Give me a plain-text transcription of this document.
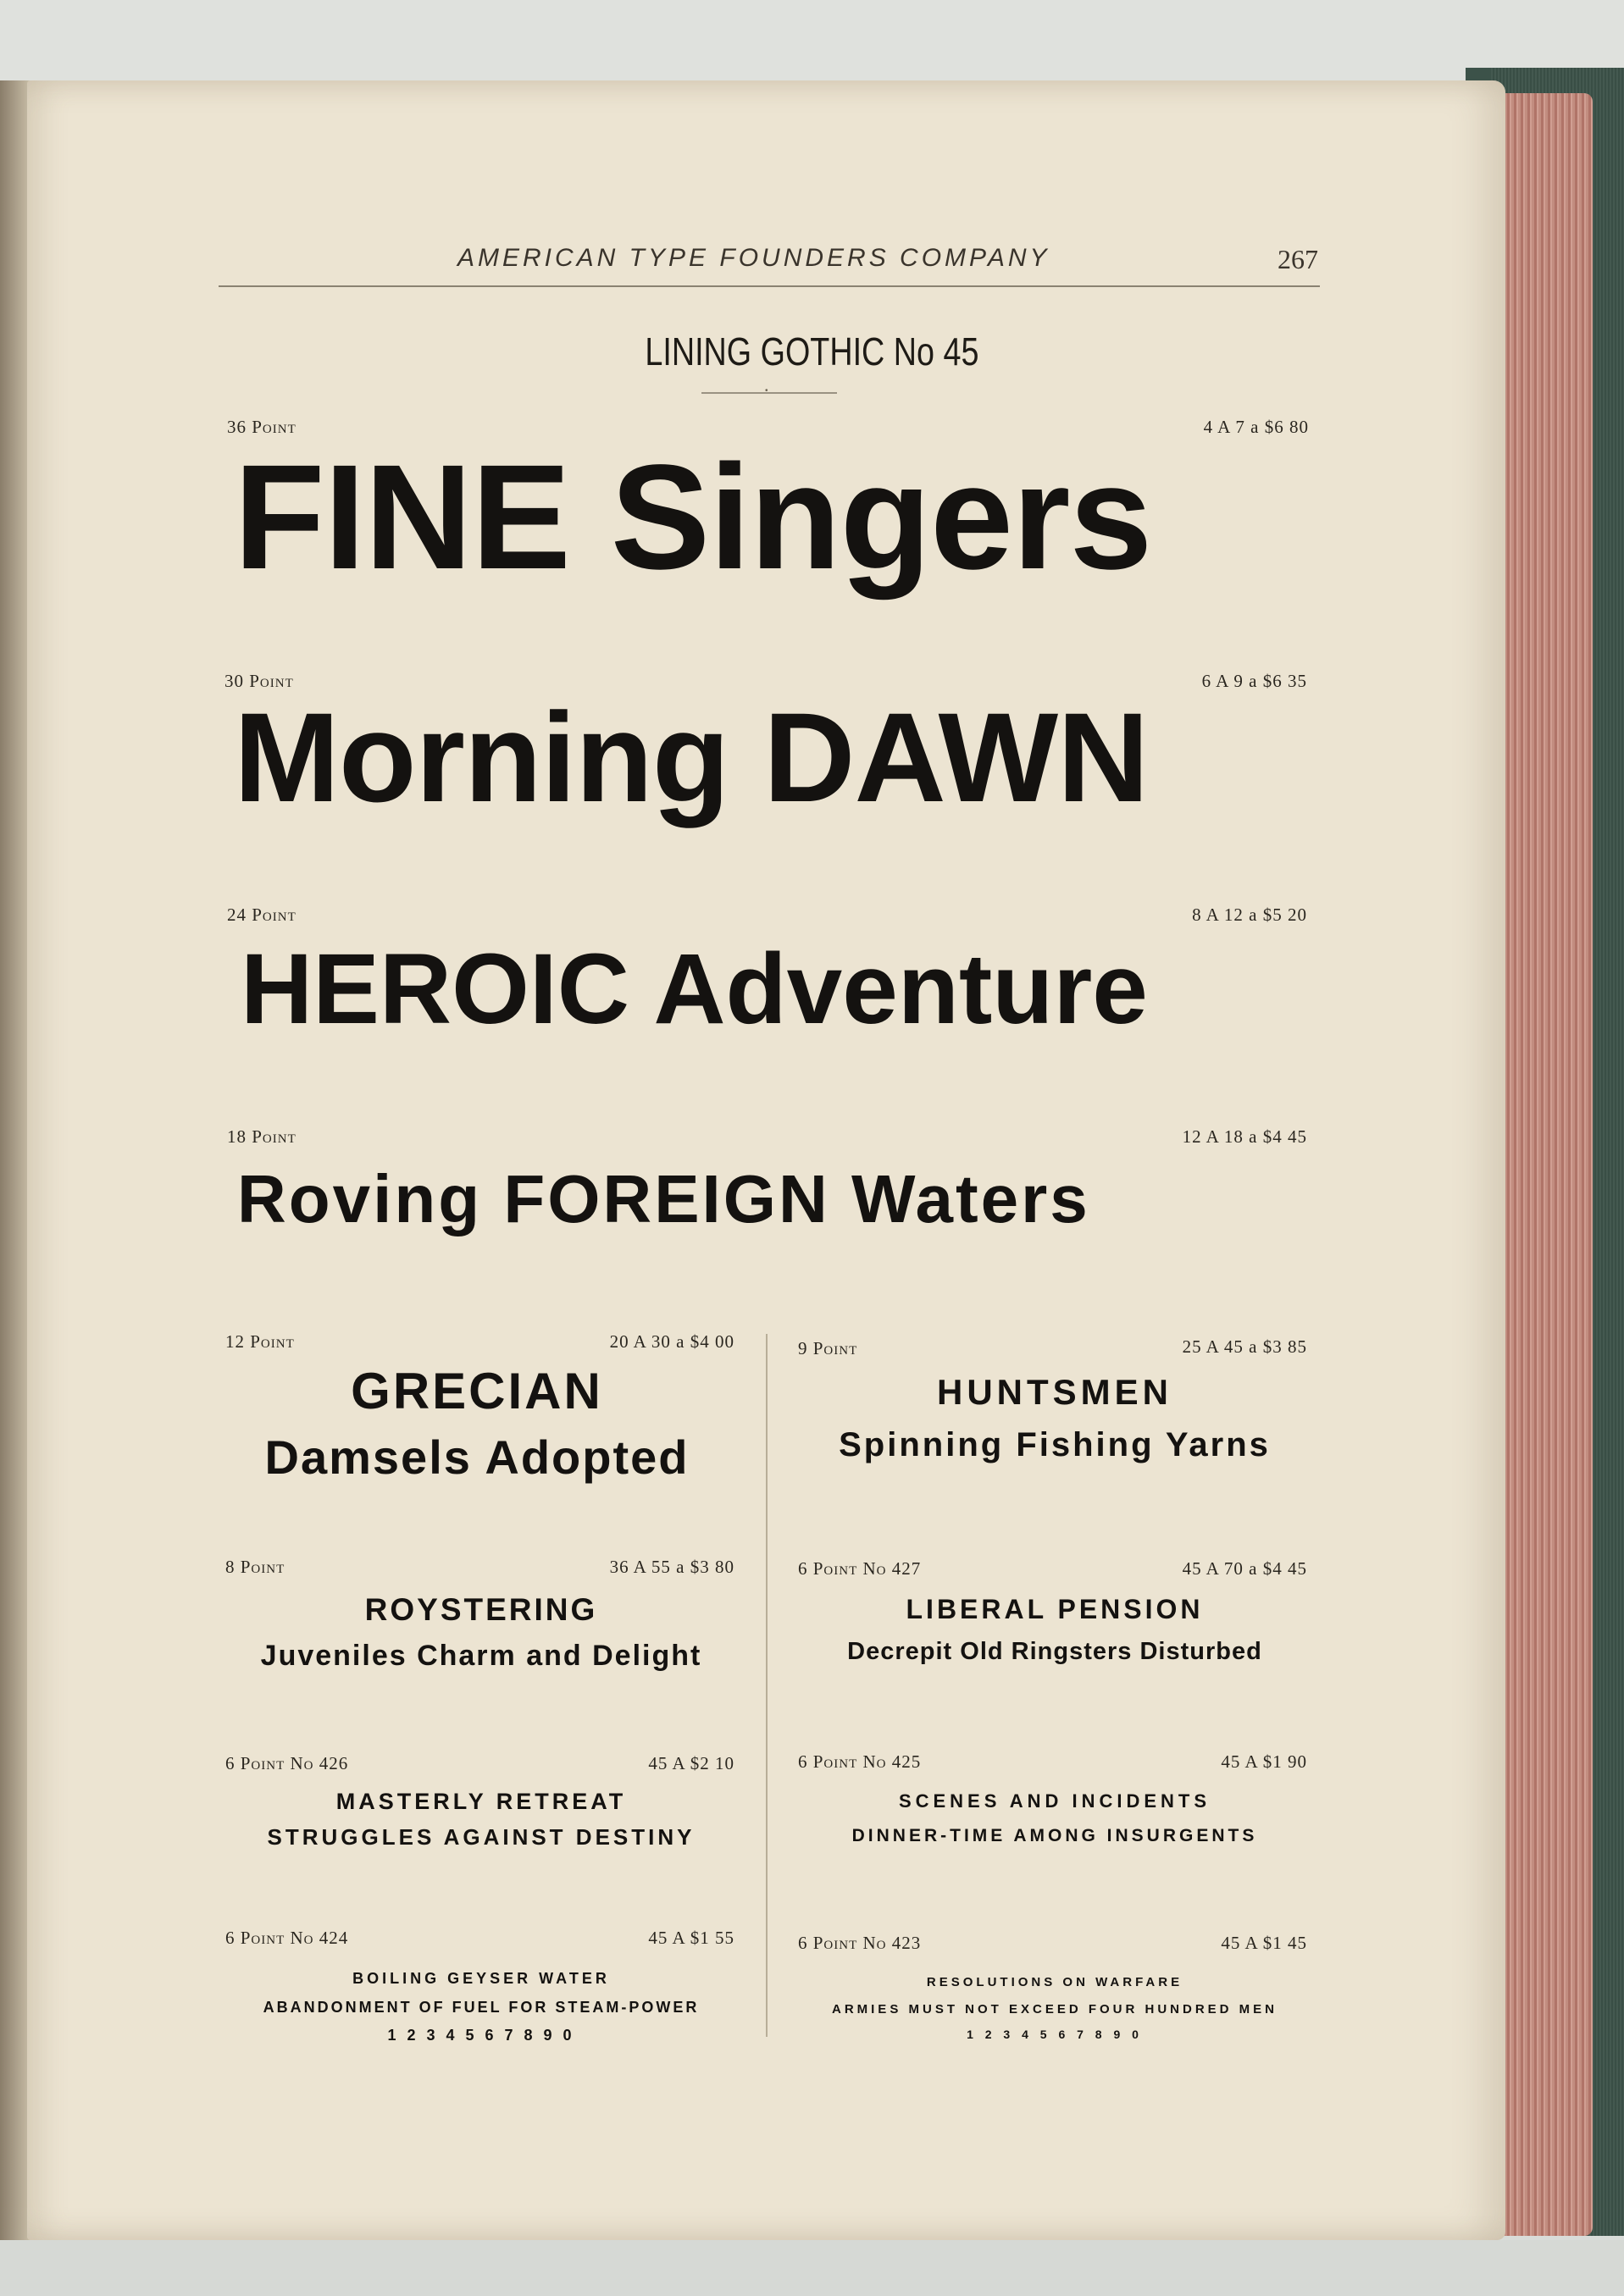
AMERICAN TYPE FOUNDERS COMPANY	267
LINING GOTHIC No 45
•
36 Point	4 A 7 a $6 80
FINE Singers
30 Point	6 A 9 a $6 35
Morning DAWN
24 Point	8 A 12 a $5 20
HEROIC Adventure
18 Point	12 A 18 a $4 45
Roving FOREIGN Waters
12 Point	20 A 30 a $4 00
GRECIAN
Damsels Adopted
8 Point	36 A 55 a $3 80
ROYSTERING
Juveniles Charm and Delight
6 Point No 426	45 A $2 10
MASTERLY RETREAT
STRUGGLES AGAINST DESTINY
6 Point No 424	45 A $1 55
BOILING GEYSER WATER
ABANDONMENT OF FUEL FOR STEAM-POWER
1 2 3 4 5 6 7 8 9 0
9 Point	25 A 45 a $3 85
HUNTSMEN
Spinning Fishing Yarns
6 Point No 427	45 A 70 a $4 45
LIBERAL PENSION
Decrepit Old Ringsters Disturbed
6 Point No 425	45 A $1 90
SCENES AND INCIDENTS
DINNER-TIME AMONG INSURGENTS
6 Point No 423	45 A $1 45
RESOLUTIONS ON WARFARE
ARMIES MUST NOT EXCEED FOUR HUNDRED MEN
1 2 3 4 5 6 7 8 9 0
